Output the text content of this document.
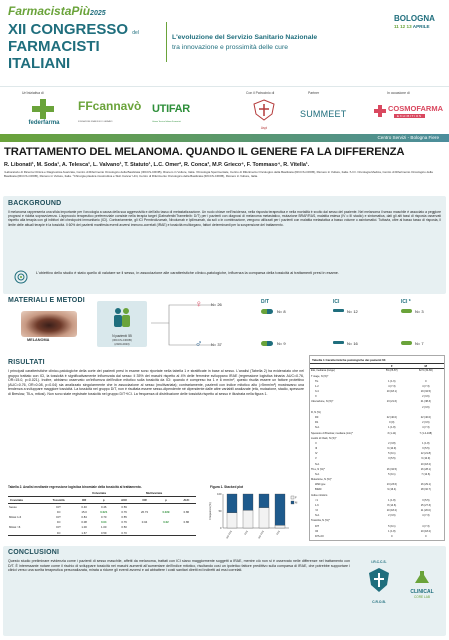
FarmacistaPiù2025
XII CONGRESSO del
FARMACISTI
ITALIANI
L'evoluzione del Servizio Sanitario Nazionale
tra innovazione e prossimità delle cure
BOLOGNA
11 12 13 APRILE
Un'iniziativa di	Con il Patrocinio di	Partner	In occasione di
federfarma
FFcannavò
FONDAZIONE FRANCESCO CANNAVÒ
UTIFAR
Unione Tecnica Italiana Farmacisti
Aspi
SUMMEET
COSMOFARMA
EXHIBITION
Centro Servizi - Bologna Fiere
TRATTAMENTO DEL MELANOMA. QUANDO IL GENERE FA LA DIFFERENZA
R. Libonati¹, M. Soda¹, A. Telesca¹, L. Valvano¹, T. Statuto¹, L.C. Omer², R. Conca³, M.P. Grieco⁴, F. Tommaso⁴, R. Vitella¹.
¹Laboratorio di Ricerca Clinica e Diagnostica Avanzata, Centro di Riferimento Oncologico della Basilicata (IRCCS-CROB), Rionero in Vulture, Italia. ²Oncologia Sperimentale, Centro di Riferimento Oncologico della Basilicata (IRCCS-CROB), Rionero in Vulture, Italia. ³U.O. Oncologia Medica, Centro di Riferimento Oncologico della Basilicata (IRCCS-CROB), Rionero in Vulture, Italia. ⁴Chirurgia plastica ricostruttiva e Skin Cancer Unit, Centro di Riferimento Oncologico della Basilicata (IRCCS-CROB), Rionero in Vulture, Italia.
BACKGROUND
Il melanoma rappresenta una sfida importante per l'oncologia a causa della sua aggressività e dell'alto tasso di metastatizzazione. Un ruolo chiave nell'incidenza, nella risposta terapeutica e nella mortalità è svolto dal sesso del paziente. Nel melanoma il sesso maschile è associato a peggiore prognosi e ridotta sopravvivenza. L'approccio terapeutico preferenziale consiste nella terapia target (Dabrafenib/Trametinib: D/T) per i pazienti con diagnosi di melanoma metastatico, mutazione BRAF/RAS, malattia estesa (IV o III stadio) e sintomatica, dati gli alti tassi di risposta osservati rispetto alla terapia con gli inibitori del checkpoint immunitario (ICI). Contrariamente, gli ICI Pembrolizumab, Nivolumab e Ipilimumab, da soli o in combinazione, vengono utilizzati per i pazienti con malattia metastatica a basso volume o asintomatici. Tuttavia, oltre al basso tasso di risposta, il limite delle attuali terapie è la tossicità. Il 60% dei pazienti manifesta eventi avversi immuno-correlati (IRAE) e tossicità multiorgano, fattori determinanti per la sospensione del trattamento.
L'obiettivo dello studio è stato quello di valutare se il sesso, in associazione alle caratteristiche clinico-patologiche, influenza la comparsa della tossicità ai trattamenti presi in esame.
MATERIALI E METODI
MELANOMA
N pazienti: 55
(IRCCS-CROB)
(2020-2023)
♀ N= 26
♂ N= 37
D/T	ICI	ICI *
N= 8	N= 12	N= 3
N= 9	N= 16	N= 7
RISULTATI
I principali caratteristiche clinico-patologiche della corte dei pazienti presi in esame sono riportate nella tabella 1 e stratificate in base al sesso. L'analisi (Tabella 2) ha evidenziato che nel gruppo trattato con ICI, la tossicità è significativamente influenzata dal sesso: il 35% dei maschi rispetto al 4% delle femmine sviluppano IRAE (regressione logistica binaria: AUC=0.76, OR=15.0, p=0.021). Inoltre, abbiamo osservato un'influenza dell'indice mitotico sulla tossicità da ICI: quando è compreso tra 1 e 6 mm/m², questo risulta essere un fattore protettivo (AUC=0.76, OR=0.08, p=0.04) sia analizzato singolarmente che in associazione al sesso (multivariata); contrariamente, pazienti con indice mitotico alto (>5mm/m²) mostravano una tendenza a sviluppare maggiore tossicità. La tossicità nel gruppo D/T, non è risultata essere sesso-dipendente né dipendente dalle altre variabili analizzate (età, mutazione, stadio, spessore di Breslow, TILs, mitosi). Non sono state registrate tossicità nel gruppo D/T+ICI. La frequenza di distribuzione delle tossicità rispetto al sesso è illustrata nella figura 1.
Tabella 2. Analisi mediante regressione logistica binomiale della tossicità al trattamento.
Univariata	Multivariata
Covariata	Tossicità	OR	p	AUC	OR	p	AUC
Sesso	D/T	0.40	0.46	0.59			
	ICI	15.0	0.021	0.76	26.73	0.029	0.86
Mitosi 1-6	D/T	0.84	0.70	0.55			
	ICI	0.08	0.04	0.76	0.04	0.02	0.86
Mitosi >6	D/T	1.00	1.00	0.50			
	ICI	1.67	0.59	0.70			
Figura 1. Stacked plot
0
50
100
Frequenza (%)
NO TOX	TOX	NO TOX	TOX
F
M
Tabella 1 Caratteristiche patologiche dei pazienti 63
	F	M
Età, mediana (range)	59 (25-87)	62.5 (32-86)
T stage, N (%)*		
Tis	1 (1.6)	0
1-2	4 (7.3)	4 (7.3)
3-4	10 (18.1)	19 (34.5)
X		2 (3.6)
Ulcerazione, N (%)*	13 (21.6)	21 (38.3)
		2 (3.6)
R, N (%)		
R0	22 (40.0)	22 (40.0)
R1	0 (0)	2 (3.6)
N.d.	1 (1.8)	4 (7.3)
Spessore di Breslow, mediana (mm)*	3 (1-11)	7 (1.4-108)
Livello di Clark, N (%)*		
II	2 (3.8)	1 (1.8)
III	6 (10.9)	3 (5.5)
IV	5 (9.1)	12 (21.8)
V	3 (5.5)	6 (10.9)
N.d.		10 (18.2)
TILs, N (%)*	16 (34.5)	16 (28.1)
N.d.	5 (9.1)	7 (12.6)
Mutazione, N (%)*		
Wild type	13 (23.6)	16 (29.1)
BRAF	9 (16.4)	18 (32.7)
Indice mitotico		
<1	1 (1.8)	3 (5.5)
1-6	8 (14.6)	15 (27.3)
>6	10 (18.2)	11 (20.0)
N.d.	2 (3.6)	4 (7.3)
Tossicità, N (%)*		
D/T	5 (9.1)	4 (7.3)
ICI	1 (1.8)	10 (18.2)
D/T+ICI	0	0
CONCLUSIONI
Questo studio preliminare evidenzia come i pazienti di sesso maschile, affetti da melanoma, trattati con ICI siano maggiormente soggetti a IRAE, mentre ciò non si è osservato nelle differenze nel trattamento con D/T. È interessante notare come il rischio di sviluppare tossicità nei maschi aumenti all'aumentare dell'indice mitotico, risultando così un ipotetico fattore predittivo sulla comparsa di IRAE, che potrebbe supportare i clinici verso una scelta terapeutica personalizzata, mirata a ridurre gli eventi avversi e ad abbattere i costi sanitari diretti ed indiretti ad essi correlati.
I.R.C.C.S.
C.R.O.B.
CLINICAL
CORE LAB
